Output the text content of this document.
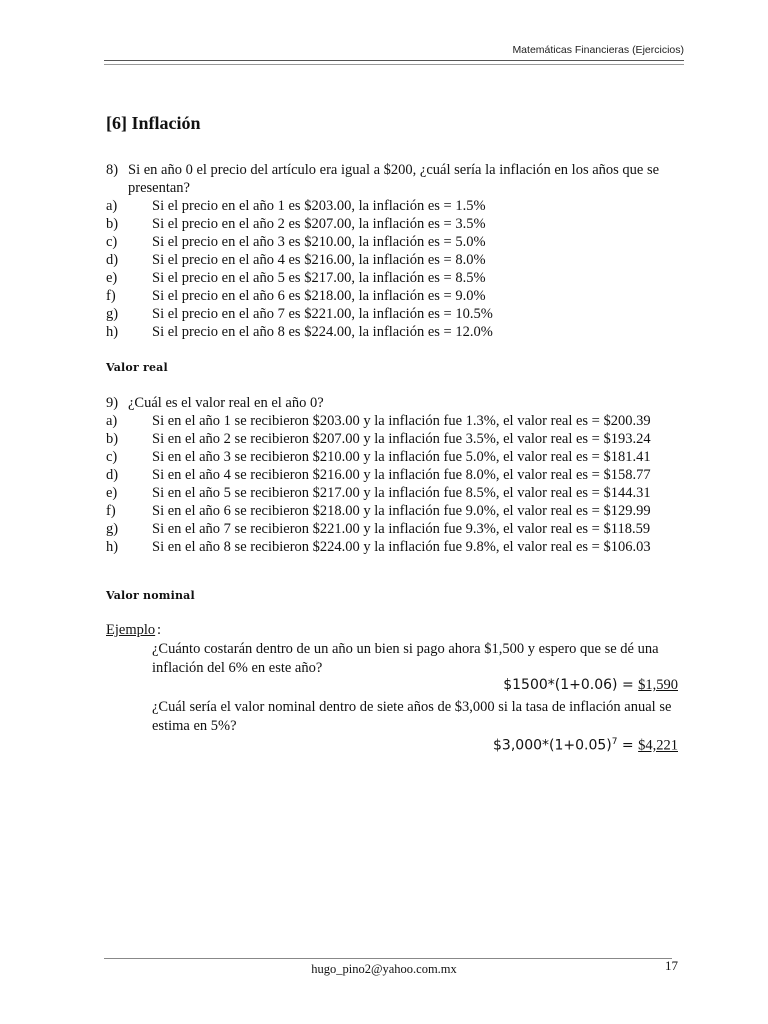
Matemáticas Financieras (Ejercicios)
[6] Inflación
8) Si en año 0 el precio del artículo era igual a $200, ¿cuál sería la inflación en los años que se presentan?
a)	Si el precio en el año 1 es $203.00, la inflación es = 1.5%
b)	Si el precio en el año 2 es $207.00, la inflación es = 3.5%
c)	Si el precio en el año 3 es $210.00, la inflación es = 5.0%
d)	Si el precio en el año 4 es $216.00, la inflación es = 8.0%
e)	Si el precio en el año 5 es $217.00, la inflación es = 8.5%
f)	Si el precio en el año 6 es $218.00, la inflación es = 9.0%
g)	Si el precio en el año 7 es $221.00, la inflación es = 10.5%
h)	Si el precio en el año 8 es $224.00, la inflación es = 12.0%
Valor real
9) ¿Cuál es el valor real en el año 0?
a)	Si en el año 1 se recibieron $203.00 y la inflación fue 1.3%, el valor real es = $200.39
b)	Si en el año 2 se recibieron $207.00 y la inflación fue 3.5%, el valor real es = $193.24
c)	Si en el año 3 se recibieron $210.00 y la inflación fue 5.0%, el valor real es = $181.41
d)	Si en el año 4 se recibieron $216.00 y la inflación fue 8.0%, el valor real es = $158.77
e)	Si en el año 5 se recibieron $217.00 y la inflación fue 8.5%, el valor real es = $144.31
f)	Si en el año 6 se recibieron $218.00 y la inflación fue 9.0%, el valor real es = $129.99
g)	Si en el año 7 se recibieron $221.00 y la inflación fue 9.3%, el valor real es = $118.59
h)	Si en el año 8 se recibieron $224.00 y la inflación fue 9.8%, el valor real es = $106.03
Valor nominal
Ejemplo :
¿Cuánto costarán dentro de un año un bien si pago ahora $1,500 y espero que se dé una inflación del 6% en este año?
$1500*(1+0.06) = $1,590
¿Cuál sería el valor nominal dentro de siete años de $3,000 si la tasa de inflación anual se estima en 5%?
$\$3,000*(1+0.05)^7$ = $4,221
hugo_pino2@yahoo.com.mx	17
